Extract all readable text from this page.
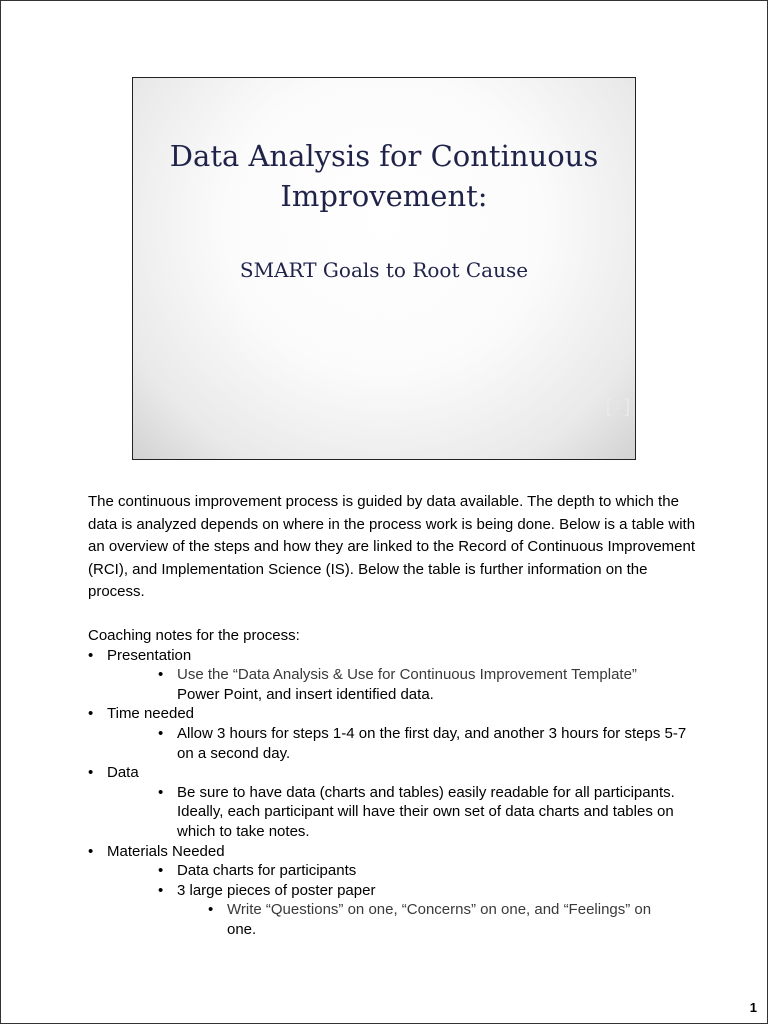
Data Analysis for Continuous
Improvement:
SMART Goals to Root Cause
[ 1 ]

The continuous improvement process is guided by data available. The depth to which the data is analyzed depends on where in the process work is being done. Below is a table with an overview of the steps and how they are linked to the Record of Continuous Improvement (RCI), and Implementation Science (IS). Below the table is further information on the process.

Coaching notes for the process:
• Presentation
• Use the “Data Analysis & Use for Continuous Improvement Template”
Power Point, and insert identified data.
• Time needed
• Allow 3 hours for steps 1-4 on the first day, and another 3 hours for steps 5-7 on a second day.
• Data
• Be sure to have data (charts and tables) easily readable for all participants. Ideally, each participant will have their own set of data charts and tables on which to take notes.
• Materials Needed
• Data charts for participants
• 3 large pieces of poster paper
• Write “Questions” on one, “Concerns” on one, and “Feelings” on
one.
1
